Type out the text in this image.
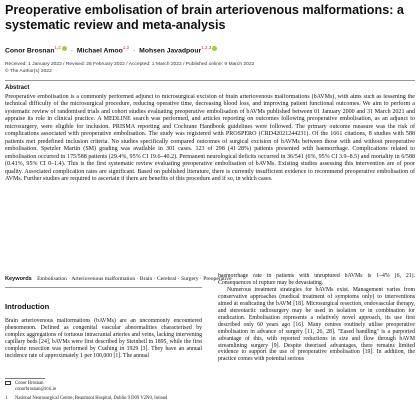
Preoperative embolisation of brain arteriovenous malformations: a systematic review and meta-analysis
Conor Brosnan$^{1,2}$ · Michael Amoo$^{1,2}$ · Mohsen Javadpour$^{1,2,3}$
Received: 1 January 2022 / Revised: 26 February 2022 / Accepted: 1 March 2022 / Published online: 9 March 2022
© The Author(s) 2022
Abstract

Preoperative embolisation is a commonly performed adjunct to microsurgical excision of brain arteriovenous malformations (bAVMs), with aims such as lessening the technical difficulty of the microsurgical procedure, reducing operative time, decreasing blood loss, and improving patient functional outcomes. We aim to perform a systematic review of randomised trials and cohort studies evaluating preoperative embolisation of bAVMs published between 01 January 2000 and 31 March 2021 and appraise its role in clinical practice. A MEDLINE search was performed, and articles reporting on outcomes following preoperative embolisation, as an adjunct to microsurgery, were eligible for inclusion. PRISMA reporting and Cochrane Handbook guidelines were followed. The primary outcome measure was the risk of complications associated with preoperative embolisation. The study was registered with PROSPERO (CRD42021244231). Of the 1661 citations, 8 studies with 588 patients met predefined inclusion criteria. No studies specifically compared outcomes of surgical excision of bAVMs between those with and without preoperative embolisation. Spetzler Martin (SM) grading was available in 301 cases. 123 of 298 (41·28%) patients presented with haemorrhage. Complications related to embolisation occurred in 175/588 patients (29.4%, 95% CI 19.6–40.2). Permanent neurological deficits occurred in 36/541 (6%, 95% CI 3.9–8.5) and mortality in 6/588 (0.41%, 95% CI 0–1.4). This is the first systematic review evaluating preoperative embolisation of bAVMs. Existing studies assessing this intervention are of poor quality. Associated complication rates are significant. Based on published literature, there is currently insufficient evidence to recommend preoperative embolisation of AVMs. Further studies are required to ascertain if there are benefits of this procedure and if so, in which cases.

Keywords Embolisation · Arteriovenous malformation · Brain · Cerebral · Surgery · Preoperative
Introduction

Brain arteriovenous malformations (bAVMs) are an uncommonly encountered phenomenon. Defined as congenital vascular abnormalities characterised by complex aggregations of tortuous intracranial arteries and veins, lacking intervening capillary beds [24], bAVMs were first described by Steinheil in 1895, while the first complete resection was performed by Cushing in 1929 [3]. They have an annual incidence rate of approximately 1 per 100,000 [1]. The annual

haemorrhage rate in patients with unruptured bAVMs is 1–4% [6, 21]. Consequences of rupture may be devastating.

Numerous treatment strategies for bAVMs exist. Management varies from conservative approaches (medical treatment of symptoms only) to interventions aimed at eradicating the bAVM [18]. Microsurgical resection, endovascular therapy, and stereotactic radiosurgery may be used in isolation or in combination for eradication. Embolisation represents a relatively novel approach, its use first described only 60 years ago [16]. Many centres routinely utilise preoperative embolisation in advance of surgery [11, 26, 28]. "Eased handling" is a purported advantage of this, with reported reductions in size and flow through bAVM streamlining surgery [9]. Despite theorised advantages, there remains limited evidence to support the use of preoperative embolisation [19]. In addition, the practice comes with potential serious

Conor Brosnan
conorbrosnan@rcsi.ie
1	National Neurosurgical Centre, Beaumont Hospital, Dublin 9 D09 V2N0, Ireland
